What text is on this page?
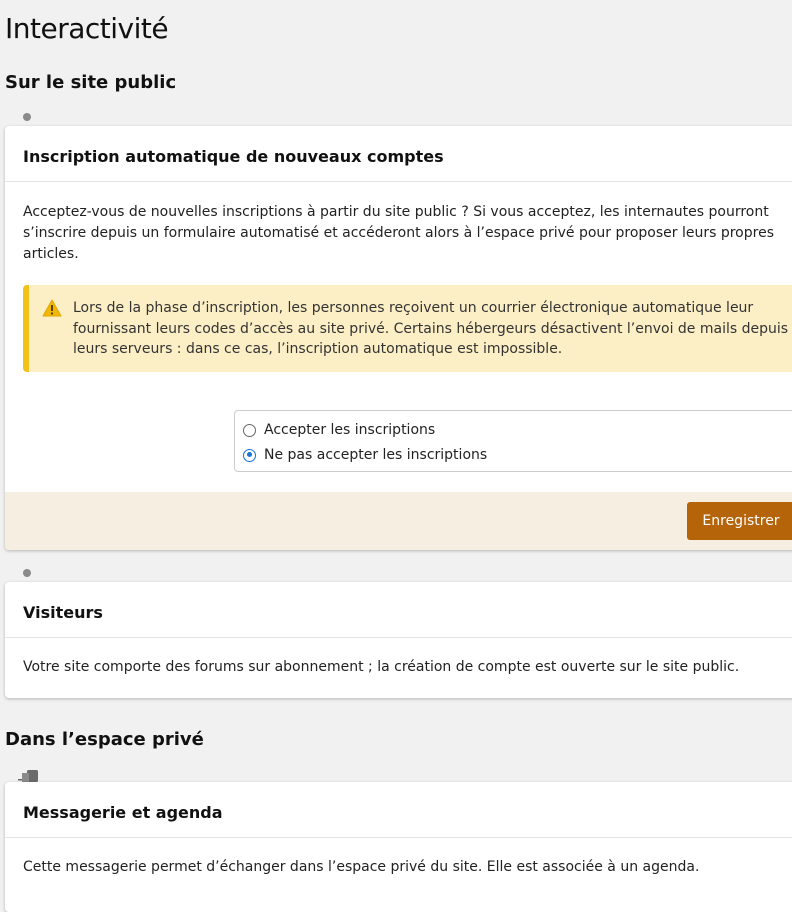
Interactivité
Sur le site public
Inscription automatique de nouveaux comptes

Acceptez-vous de nouvelles inscriptions à partir du site public ? Si vous acceptez, les internautes pourront s’inscrire depuis un formulaire automatisé et accéderont alors à l’espace privé pour proposer leurs propres articles.

Lors de la phase d’inscription, les personnes reçoivent un courrier électronique automatique leur fournissant leurs codes d’accès au site privé. Certains hébergeurs désactivent l’envoi de mails depuis leurs serveurs : dans ce cas, l’inscription automatique est impossible.
Accepter les inscriptions
Ne pas accepter les inscriptions
Enregistrer
Visiteurs

Votre site comporte des forums sur abonnement ; la création de compte est ouverte sur le site public.

Dans l’espace privé
Messagerie et agenda

Cette messagerie permet d’échanger dans l’espace privé du site. Elle est associée à un agenda.
